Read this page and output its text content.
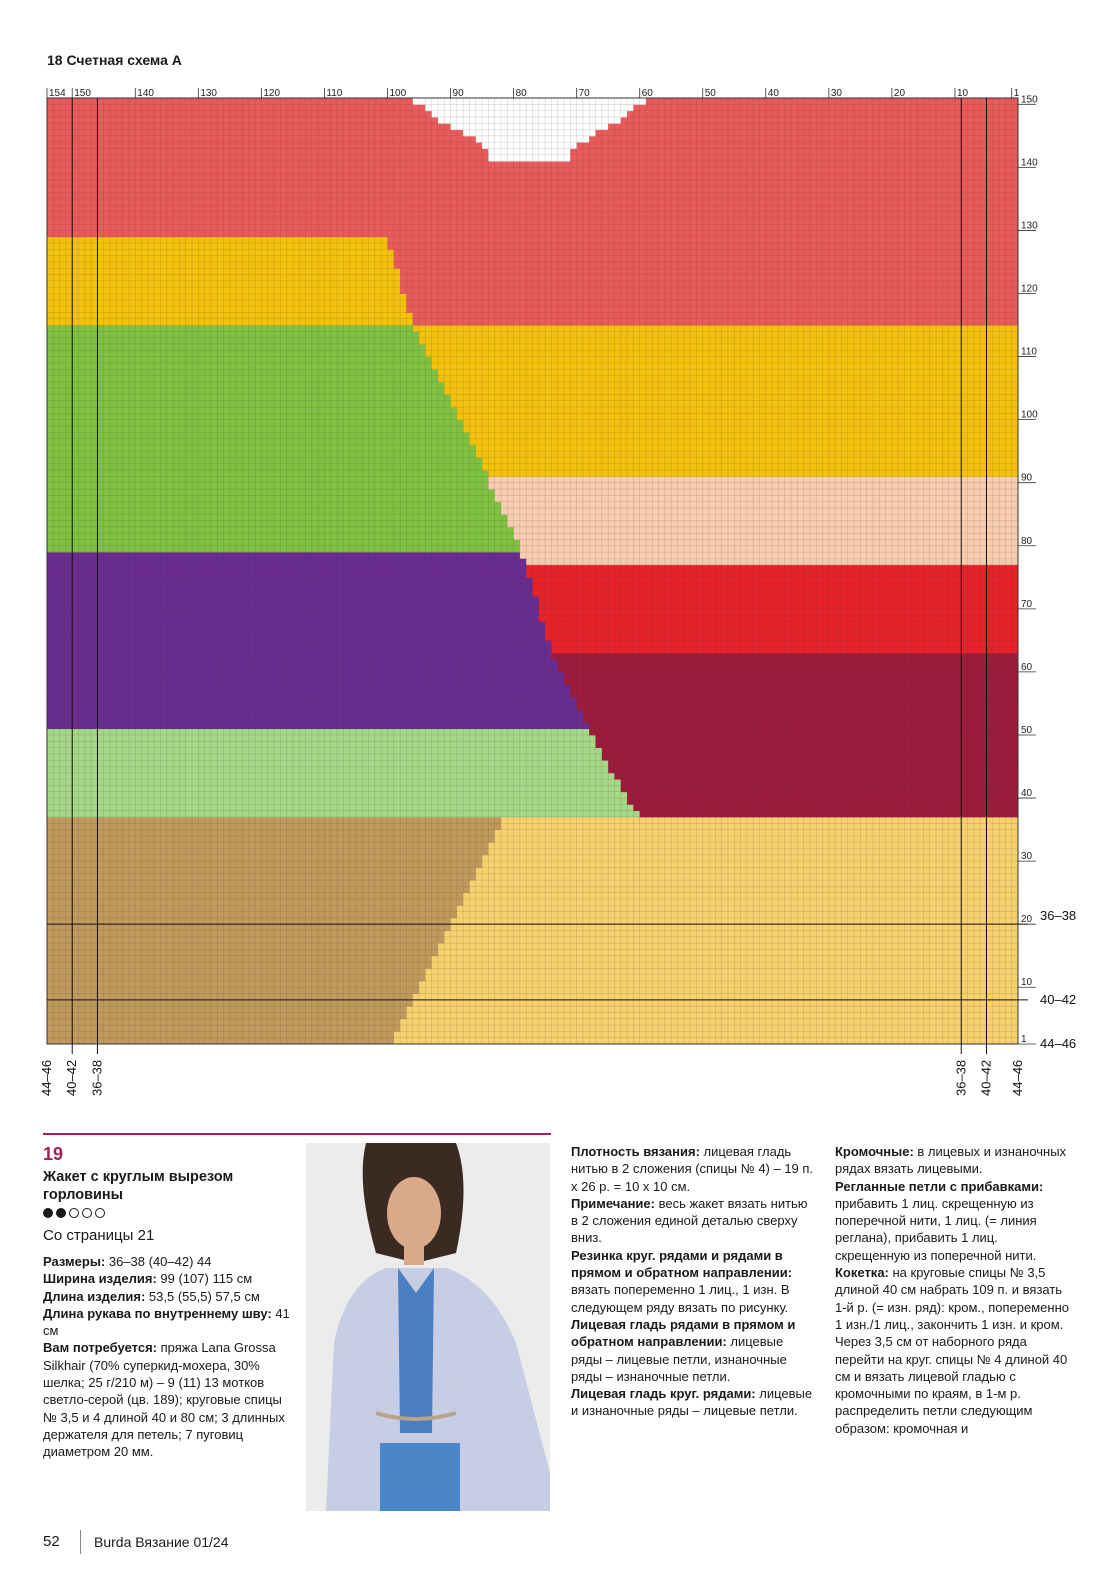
18 Счетная схема А
154 150	140	130	120	110	100	90	80	70	60	50	40	30	20	10	1
150
140
130
120
110
100
90
80
70
60
50
40
30
20
10
1
36–38
40–42
44–46
44–46 40–42 36–38	36–38 40–42 44–46
19
Жакет с круглым вырезом горловины
Со страницы 21

Размеры: 36–38 (40–42) 44

Ширина изделия: 99 (107) 115 см

Длина изделия: 53,5 (55,5) 57,5 см

Длина рукава по внутреннему шву: 41 см

Вам потребуется: пряжа Lana Grossa Silkhair (70% суперкид-мохера, 30% шелка; 25 г/210 м) – 9 (11) 13 мотков светло-серой (цв. 189); круговые спицы № 3,5 и 4 длиной 40 и 80 см; 3 длинных держателя для петель; 7 пуговиц диаметром 20 мм.

Плотность вязания: лицевая гладь нитью в 2 сложения (спицы № 4) – 19 п. х 26 р. = 10 х 10 см.

Примечание: весь жакет вязать нитью в 2 сложения единой деталью сверху вниз.

Резинка круг. рядами и рядами в прямом и обратном направлении: вязать попеременно 1 лиц., 1 изн. В следующем ряду вязать по рисунку.

Лицевая гладь рядами в прямом и обратном направлении: лицевые ряды – лицевые петли, изнаночные ряды – изнаночные петли.

Лицевая гладь круг. рядами: лицевые и изнаночные ряды – лицевые петли.

Кромочные: в лицевых и изнаночных рядах вязать лицевыми.

Регланные петли с прибавками: прибавить 1 лиц. скрещенную из поперечной нити, 1 лиц. (= линия реглана), прибавить 1 лиц. скрещенную из поперечной нити.

Кокетка: на круговые спицы № 3,5 длиной 40 см набрать 109 п. и вязать 1-й р. (= изн. ряд): кром., попеременно 1 изн./1 лиц., закончить 1 изн. и кром.

Через 3,5 см от наборного ряда перейти на круг. спицы № 4 длиной 40 см и вязать лицевой гладью с кромочными по краям, в 1-м р. распределить петли следующим образом: кромочная и

52 Burda Вязание 01/24
